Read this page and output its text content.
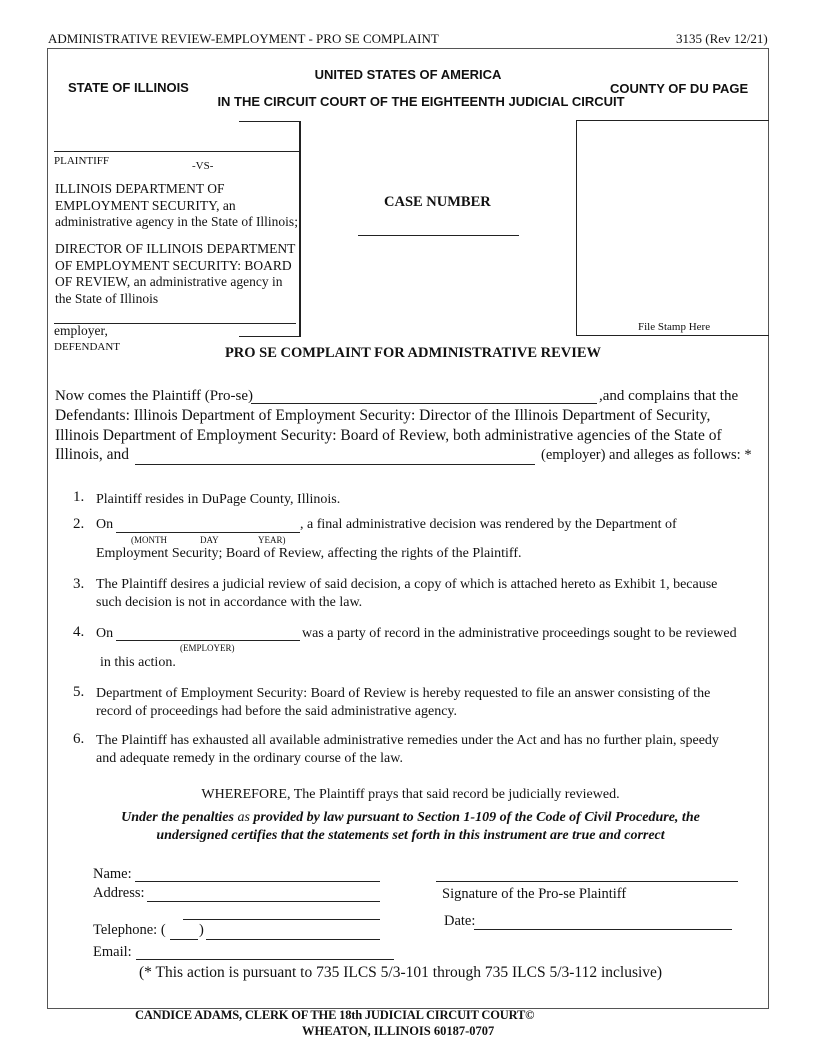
ADMINISTRATIVE REVIEW-EMPLOYMENT - PRO SE COMPLAINT	3135 (Rev 12/21)
UNITED STATES OF AMERICA
STATE OF ILLINOIS	COUNTY OF DU PAGE
IN THE CIRCUIT COURT OF THE EIGHTEENTH JUDICIAL CIRCUIT
PLAINTIFF	-VS-
ILLINOIS DEPARTMENT OF EMPLOYMENT SECURITY, an administrative agency in the State of Illinois;
DIRECTOR OF ILLINOIS DEPARTMENT OF EMPLOYMENT SECURITY: BOARD OF REVIEW, an administrative agency in the State of Illinois
employer,
DEFENDANT
CASE NUMBER
File Stamp Here
PRO SE COMPLAINT FOR ADMINISTRATIVE REVIEW
Now comes the Plaintiff (Pro-se)	,and complains that the
Defendants: Illinois Department of Employment Security: Director of the Illinois Department of Security,
Illinois Department of Employment Security: Board of Review, both administrative agencies of the State of
Illinois, and	(employer) and alleges as follows: *
1. Plaintiff resides in DuPage County, Illinois.
2. On	, a final administrative decision was rendered by the Department of
(MONTH	DAY	YEAR)
Employment Security; Board of Review, affecting the rights of the Plaintiff.
3. The Plaintiff desires a judicial review of said decision, a copy of which is attached hereto as Exhibit 1, because
such decision is not in accordance with the law.
4. On	was a party of record in the administrative proceedings sought to be reviewed
(EMPLOYER)
in this action.
5. Department of Employment Security: Board of Review is hereby requested to file an answer consisting of the
record of proceedings had before the said administrative agency.
6. The Plaintiff has exhausted all available administrative remedies under the Act and has no further plain, speedy
and adequate remedy in the ordinary course of the law.
WHEREFORE, The Plaintiff prays that said record be judicially reviewed.
Under the penalties as provided by law pursuant to Section 1-109 of the Code of Civil Procedure, the
undersigned certifies that the statements set forth in this instrument are true and correct
Name:
Address:
Telephone: ( )
Email:
Signature of the Pro-se Plaintiff
Date:
(* This action is pursuant to 735 ILCS 5/3-101 through 735 ILCS 5/3-112 inclusive)
CANDICE ADAMS, CLERK OF THE 18th JUDICIAL CIRCUIT COURT©
WHEATON, ILLINOIS 60187-0707
